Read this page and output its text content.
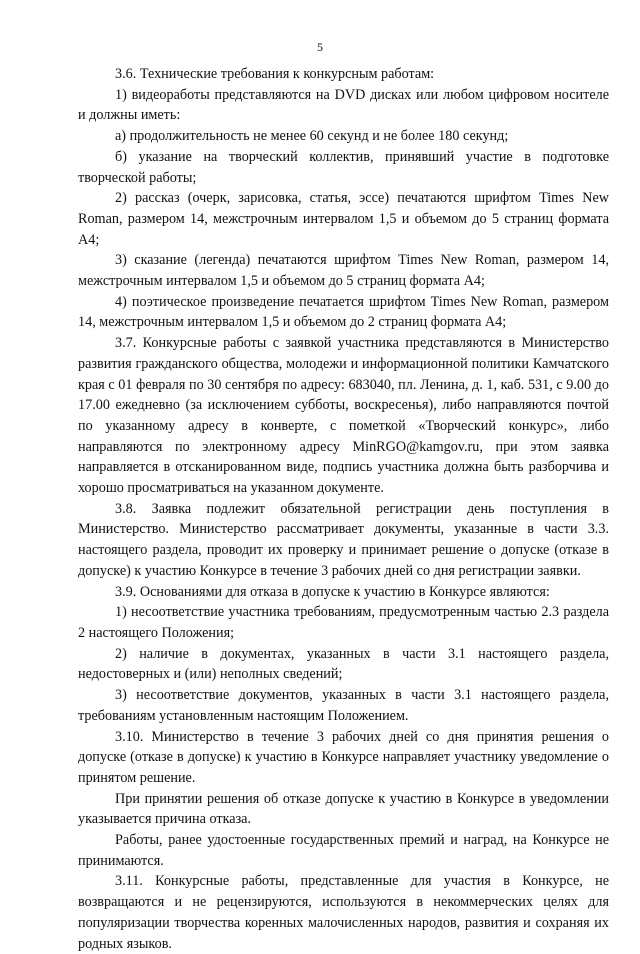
5

3.6. Технические требования к конкурсным работам:

1) видеоработы представляются на DVD дисках или любом цифровом носителе и должны иметь:

а) продолжительность не менее 60 секунд и не более 180 секунд;

б) указание на творческий коллектив, принявший участие в подготовке творческой работы;

2) рассказ (очерк, зарисовка, статья, эссе) печатаются шрифтом Times New Roman, размером 14, межстрочным интервалом 1,5 и объемом до 5 страниц формата А4;

3) сказание (легенда) печатаются шрифтом Times New Roman, размером 14, межстрочным интервалом 1,5 и объемом до 5 страниц формата А4;

4) поэтическое произведение печатается шрифтом Times New Roman, размером 14, межстрочным интервалом 1,5 и объемом до 2 страниц формата А4;

3.7. Конкурсные работы с заявкой участника представляются в Министерство развития гражданского общества, молодежи и информационной политики Камчатского края с 01 февраля по 30 сентября по адресу: 683040, пл. Ленина, д. 1, каб. 531, с 9.00 до 17.00 ежедневно (за исключением субботы, воскресенья), либо направляются почтой по указанному адресу в конверте, с пометкой «Творческий конкурс», либо направляются по электронному адресу MinRGO@kamgov.ru, при этом заявка направляется в отсканированном виде, подпись участника должна быть разборчива и хорошо просматриваться на указанном документе.

3.8. Заявка подлежит обязательной регистрации день поступления в Министерство. Министерство рассматривает документы, указанные в части 3.3. настоящего раздела, проводит их проверку и принимает решение о допуске (отказе в допуске) к участию Конкурсе в течение 3 рабочих дней со дня регистрации заявки.

3.9. Основаниями для отказа в допуске к участию в Конкурсе являются:

1) несоответствие участника требованиям, предусмотренным частью 2.3 раздела 2 настоящего Положения;

2) наличие в документах, указанных в части 3.1 настоящего раздела, недостоверных и (или) неполных сведений;

3) несоответствие документов, указанных в части 3.1 настоящего раздела, требованиям установленным настоящим Положением.

3.10. Министерство в течение 3 рабочих дней со дня принятия решения о допуске (отказе в допуске) к участию в Конкурсе направляет участнику уведомление о принятом решение.

При принятии решения об отказе допуске к участию в Конкурсе в уведомлении указывается причина отказа.

Работы, ранее удостоенные государственных премий и наград, на Конкурсе не принимаются.

3.11. Конкурсные работы, представленные для участия в Конкурсе, не возвращаются и не рецензируются, используются в некоммерческих целях для популяризации творчества коренных малочисленных народов, развития и сохраняя их родных языков.
